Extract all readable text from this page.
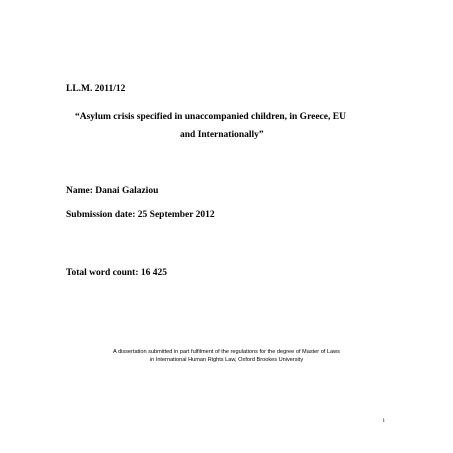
LL.M. 2011/12
“Asylum crisis specified in unaccompanied children, in Greece, EU
and Internationally”
Name: Danai Galaziou
Submission date: 25 September 2012
Total word count: 16 425
A dissertation submitted in part fulfilment of the regulations for the degree of Master of Laws
in International Human Rights Law, Oxford Brookes University
i
